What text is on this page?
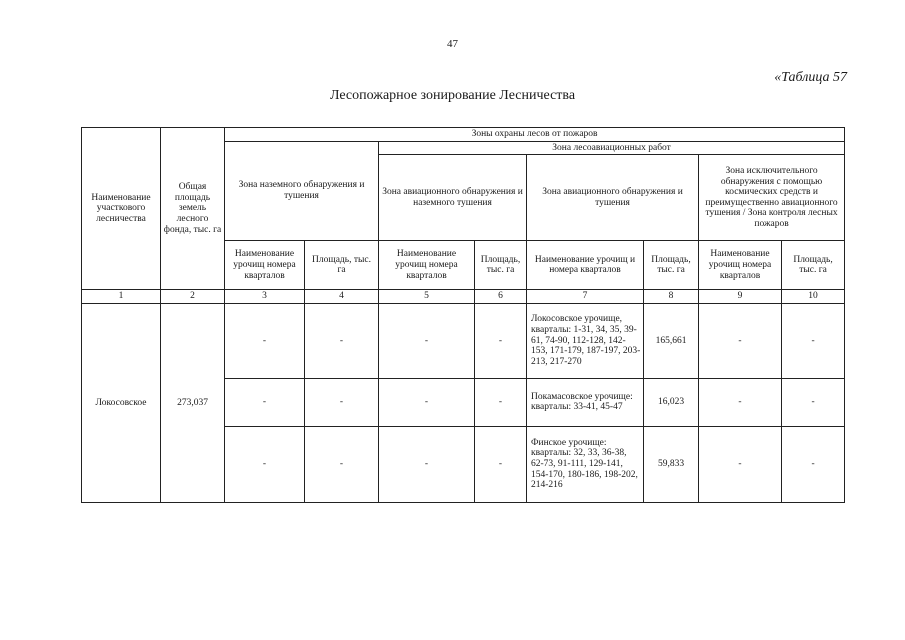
47
«Таблица 57
Лесопожарное зонирование Лесничества
Наименование участкового лесничества	Общая площадь земель лесного фонда, тыс. га	Зоны охраны лесов от пожаров							
		Зона наземного обнаружения и тушения		Зона лесоавиационных работ					
				Зона авиационного обнаружения и наземного тушения		Зона авиационного обнаружения и тушения		Зона исключительного обнаружения с помощью космических средств и преимущественно авиационного тушения / Зона контроля лесных пожаров	
		Наименование урочищ номера кварталов	Площадь, тыс. га	Наименование урочищ номера кварталов	Площадь, тыс. га	Наименование урочищ и номера кварталов	Площадь, тыс. га	Наименование урочищ номера кварталов	Площадь, тыс. га
1	2	3	4	5	6	7	8	9	10
Локосовское	273,037	-	-	-	-	Локосовское урочище, кварталы: 1-31, 34, 35, 39-61, 74-90, 112-128, 142-153, 171-179, 187-197, 203-213, 217-270	165,661	-	-
		-	-	-	-	Покамасовское урочище: кварталы: 33-41, 45-47	16,023	-	-
		-	-	-	-	Финское урочище: кварталы: 32, 33, 36-38, 62-73, 91-111, 129-141, 154-170, 180-186, 198-202, 214-216	59,833	-	-
